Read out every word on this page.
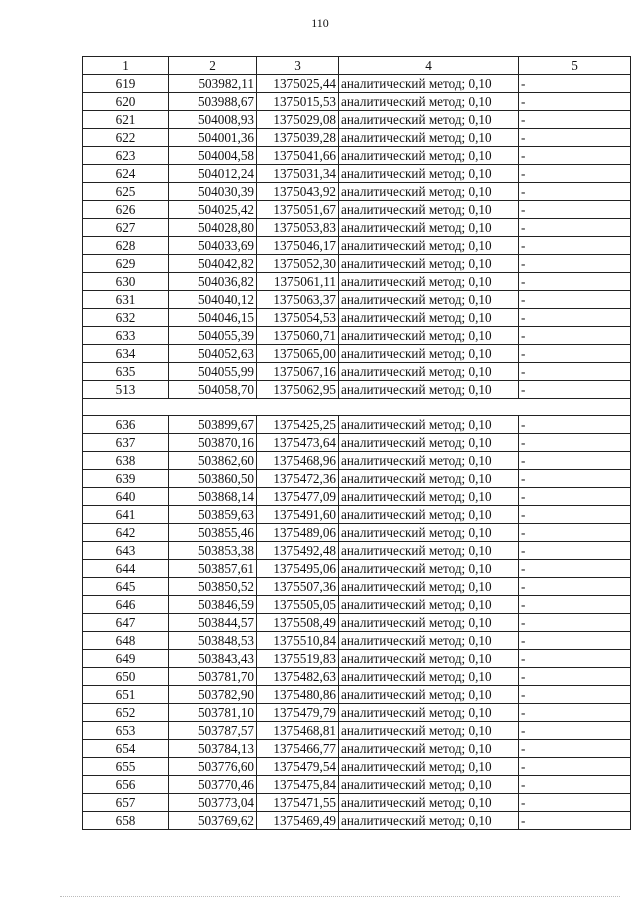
110
1	2	3	4	5
619	503982,11	1375025,44	аналитический метод; 0,10	-
620	503988,67	1375015,53	аналитический метод; 0,10	-
621	504008,93	1375029,08	аналитический метод; 0,10	-
622	504001,36	1375039,28	аналитический метод; 0,10	-
623	504004,58	1375041,66	аналитический метод; 0,10	-
624	504012,24	1375031,34	аналитический метод; 0,10	-
625	504030,39	1375043,92	аналитический метод; 0,10	-
626	504025,42	1375051,67	аналитический метод; 0,10	-
627	504028,80	1375053,83	аналитический метод; 0,10	-
628	504033,69	1375046,17	аналитический метод; 0,10	-
629	504042,82	1375052,30	аналитический метод; 0,10	-
630	504036,82	1375061,11	аналитический метод; 0,10	-
631	504040,12	1375063,37	аналитический метод; 0,10	-
632	504046,15	1375054,53	аналитический метод; 0,10	-
633	504055,39	1375060,71	аналитический метод; 0,10	-
634	504052,63	1375065,00	аналитический метод; 0,10	-
635	504055,99	1375067,16	аналитический метод; 0,10	-
513	504058,70	1375062,95	аналитический метод; 0,10	-

636	503899,67	1375425,25	аналитический метод; 0,10	-
637	503870,16	1375473,64	аналитический метод; 0,10	-
638	503862,60	1375468,96	аналитический метод; 0,10	-
639	503860,50	1375472,36	аналитический метод; 0,10	-
640	503868,14	1375477,09	аналитический метод; 0,10	-
641	503859,63	1375491,60	аналитический метод; 0,10	-
642	503855,46	1375489,06	аналитический метод; 0,10	-
643	503853,38	1375492,48	аналитический метод; 0,10	-
644	503857,61	1375495,06	аналитический метод; 0,10	-
645	503850,52	1375507,36	аналитический метод; 0,10	-
646	503846,59	1375505,05	аналитический метод; 0,10	-
647	503844,57	1375508,49	аналитический метод; 0,10	-
648	503848,53	1375510,84	аналитический метод; 0,10	-
649	503843,43	1375519,83	аналитический метод; 0,10	-
650	503781,70	1375482,63	аналитический метод; 0,10	-
651	503782,90	1375480,86	аналитический метод; 0,10	-
652	503781,10	1375479,79	аналитический метод; 0,10	-
653	503787,57	1375468,81	аналитический метод; 0,10	-
654	503784,13	1375466,77	аналитический метод; 0,10	-
655	503776,60	1375479,54	аналитический метод; 0,10	-
656	503770,46	1375475,84	аналитический метод; 0,10	-
657	503773,04	1375471,55	аналитический метод; 0,10	-
658	503769,62	1375469,49	аналитический метод; 0,10	-
